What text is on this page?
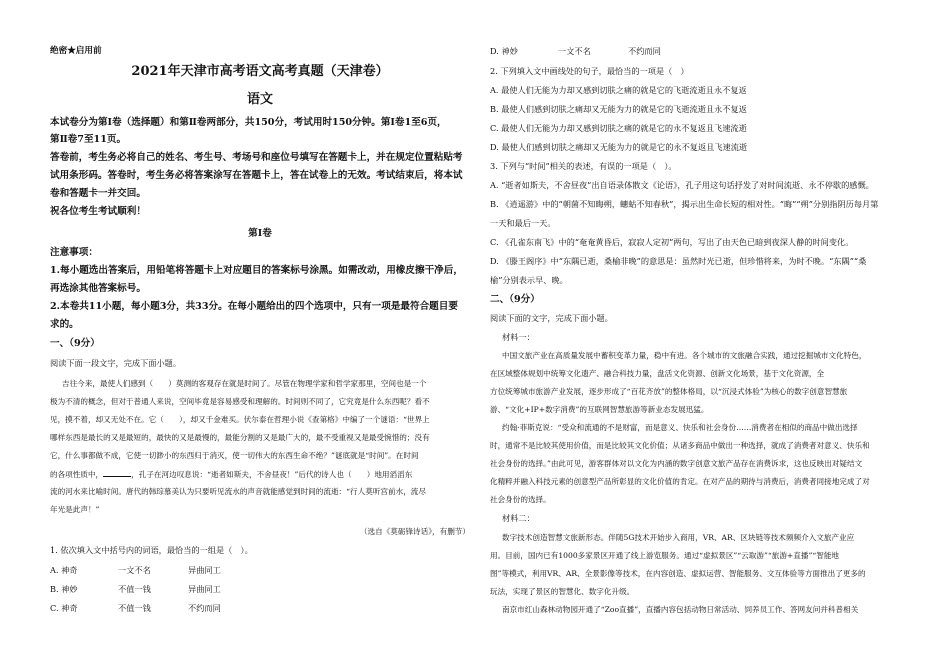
绝密★启用前
2021年天津市高考语文高考真题（天津卷）
语文
本试卷分为第Ⅰ卷（选择题）和第Ⅱ卷两部分，共150分，考试用时150分钟。第Ⅰ卷1至6页，
第Ⅱ卷7至11页。
答卷前，考生务必将自己的姓名、考生号、考场号和座位号填写在答题卡上，并在规定位置粘贴考
试用条形码。答卷时，考生务必将答案涂写在答题卡上，答在试卷上的无效。考试结束后，将本试
卷和答题卡一并交回。
祝各位考生考试顺利！
第Ⅰ卷
注意事项：
1.每小题选出答案后，用铅笔将答题卡上对应题目的答案标号涂黑。如需改动，用橡皮擦干净后，
再选涂其他答案标号。
2.本卷共11小题，每小题3分，共33分。在每小题给出的四个选项中，只有一项是最符合题目要
求的。
一、（9分）
阅读下面一段文字，完成下面小题。
吉往今来，最使人们感到（　　）莫测的客观存在就是时间了。尽管在物理学家和哲学家那里，空间也是一个
极为不清的概念，但对于普通人来说，空间毕竟是容易感受和理解的。时间则不同了，它究竟是什么东西呢？看不
见，摸不着，却又无处不在。它（　　），却又千金难买。伏尔泰在哲理小说《查第格》中编了一个谜语：“世界上
哪样东西是最长的又是最短的，最快的又是最慢的，最能分割的又是最广大的，最不受重视又是最受惋惜的；没有
它，什么事都做不成，它使一切渺小的东西归于消灭，使一切伟大的东西生命不绝？”谜底就是“时间”。在时间
的各项性质中，	，孔子在河边叹息说：“逝者如斯夫，不舍昼夜！”后代的诗人也（　　）地用滔滔东
流的河水来比喻时间。唐代的韩琮慕美认为只要听见流水的声音就能感觉到时间的流逝：“行人莫听宫前水，流尽
年光是此声！”
（选自《莫砺锋诗话》，有删节）
1. 依次填入文中括号内的词语，最恰当的一组是（　）。
A. 神奇	一文不名	异曲同工
B. 神妙	不值一钱	异曲同工
C. 神奇	不值一钱	不约而同
D. 神妙	一文不名	不约而同
2. 下列填入文中画线处的句子，最恰当的一项是（　）
A. 最使人们无能为力却又感到切肤之痛的就是它的飞逝流逝且永不复返
B. 最使人们感到切肤之痛却又无能为力的就是它的飞逝流逝且永不复返
C. 最使人们无能为力却又感到切肤之痛的就是它的永不复返且飞速流逝
D. 最使人们感到切肤之痛却又无能为力的就是它的永不复返且飞速流逝
3. 下列与“时间”相关的表述，有误的一项是（　）。
A. “逝者如斯夫，不舍昼夜”出自语录体散文《论语》，孔子用这句话抒发了对时间流逝、永不停歇的感慨。
B. 《逍遥游》中的“朝菌不知晦朔，蟪蛄不知春秋”，揭示出生命长短的相对性。“晦”“朔”分别指阴历每月第
一天和最后一天。
C. 《孔雀东南飞》中的“奄奄黄昏后，寂寂人定初”两句，写出了由天色已暗到夜深人静的时间变化。
D. 《滕王阁序》中“东隅已逝，桑榆非晚”的意思是：虽然时光已逝，但珍惜将来，为时不晚。“东隅”“桑
榆”分别表示早、晚。
二、（9分）
阅读下面的文字，完成下面小题。
材料一：
中国文旅产业在高质量发展中蓄积变革力量，稳中有进。各个城市的文旅融合实践，通过挖掘城市文化特色，
在区域整体规划中统筹文化遗产、融合科技力量，盘活文化资源、创新文化场景，基于文化资源，全
方位统筹城市旅游产业发展，逐步形成了“百花齐放”的整体格局，以“沉浸式体验”为核心的数字创意智慧旅
游、“文化+IP+数字消费”的互联网智慧旅游等新业态发展迅猛。
约翰·菲斯克说：“受众和流通的不是财富，而是意义、快乐和社会身份……消费者在相似的商品中做出选择
时，通常不是比较其使用价值，而是比较其文化价值；从诸多商品中做出一种选择，就成了消费者对意义、快乐和
社会身份的选择。”由此可见，游客群体对以文化为内涵的数字创意文旅产品存在消费诉求，这也反映出对疑结文
化精粹并融入科技元素的创意型产品所彰显的文化价值的肯定。在对产品的期待与消费后，消费者同接地完成了对
社会身份的选择。
材料二：
数字技术创造智慧文旅新形态。伴随5G技术开始步入商用，VR、AR、区块链等技术频频介入文旅产业应
用。目前，国内已有1000多家景区开通了线上游览服务。通过“虚拟景区”“云取游”“旅游+直播”“智能地
图”等模式，利用VR、AR、全景影像等技术，在内容创造、虚拟运营、智能服务、文互体验等方面推出了更多的
玩法，实现了景区的智慧化、数字化升级。
南京市红山森林动物园开通了“Zoo直播”，直播内容包括动物日常活动、饲养员工作、答网友问并科普相关
